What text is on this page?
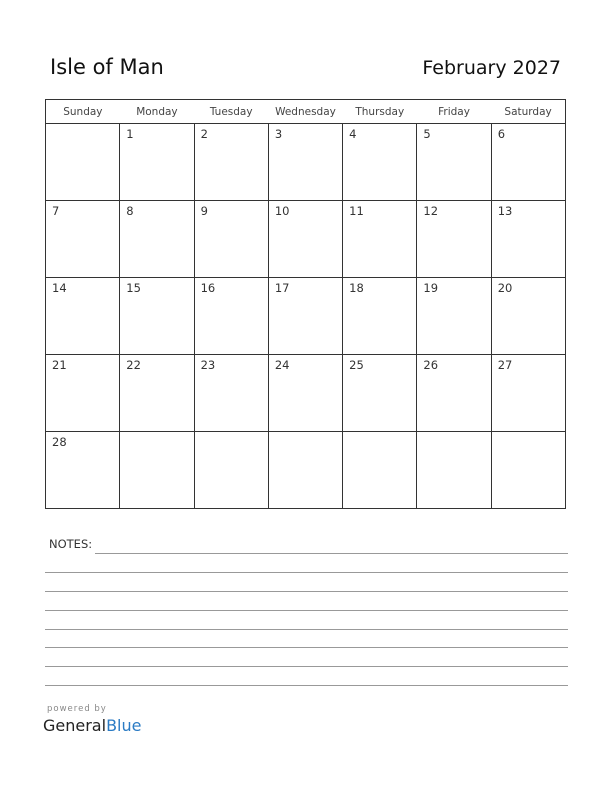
Isle of Man	February 2027
Sunday	Monday	Tuesday	Wednesday	Thursday	Friday	Saturday

	1	2	3	4	5	6

7	8	9	10	11	12	13

14	15	16	17	18	19	20

21	22	23	24	25	26	27

28						

NOTES:
powered by
GeneralBlue
